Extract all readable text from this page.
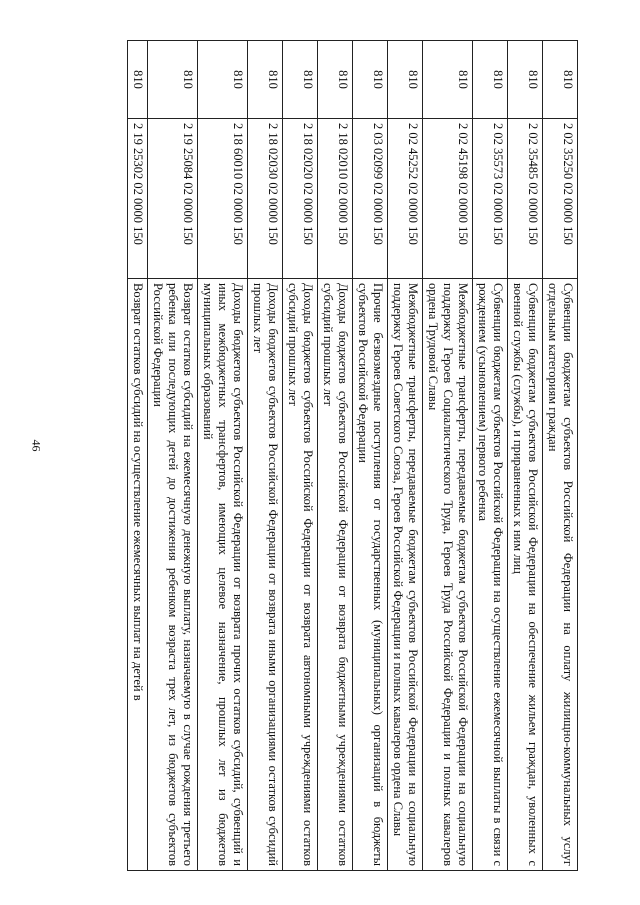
46
810	2 02 35250 02 0000 150	Субвенции бюджетам субъектов Российской Федерации на оплату жилищно-коммунальных услуг отдельным категориям граждан
810	2 02 35485 02 0000 150	Субвенции бюджетам субъектов Российской Федерации на обеспечение жильем граждан, уволенных с военной службы (службы), и приравненных к ним лиц
810	2 02 35573 02 0000 150	Субвенции бюджетам субъектов Российской Федерации на осуществление ежемесячной выплаты в связи с рождением (усыновлением) первого ребенка
810	2 02 45198 02 0000 150	Межбюджетные трансферты, передаваемые бюджетам субъектов Российской Федерации на социальную поддержку Героев Социалистического Труда, Героев Труда Российской Федерации и полных кавалеров ордена Трудовой Славы
810	2 02 45252 02 0000 150	Межбюджетные трансферты, передаваемые бюджетам субъектов Российской Федерации на социальную поддержку Героев Советского Союза, Героев Российской Федерации и полных кавалеров ордена Славы
810	2 03 02099 02 0000 150	Прочие безвозмездные поступления от государственных (муниципальных) организаций в бюджеты субъектов Российской Федерации
810	2 18 02010 02 0000 150	Доходы бюджетов субъектов Российской Федерации от возврата бюджетными учреждениями остатков субсидий прошлых лет
810	2 18 02020 02 0000 150	Доходы бюджетов субъектов Российской Федерации от возврата автономными учреждениями остатков субсидий прошлых лет
810	2 18 02030 02 0000 150	Доходы бюджетов субъектов Российской Федерации от возврата иными организациями остатков субсидий прошлых лет
810	2 18 60010 02 0000 150	Доходы бюджетов субъектов Российской Федерации от возврата прочих остатков субсидий, субвенций и иных межбюджетных трансфертов, имеющих целевое назначение, прошлых лет из бюджетов муниципальных образований
810	2 19 25084 02 0000 150	Возврат остатков субсидий на ежемесячную денежную выплату, назначаемую в случае рождения третьего ребенка или последующих детей до достижения ребенком возраста трех лет, из бюджетов субъектов Российской Федерации
810	2 19 25302 02 0000 150	Возврат остатков субсидий на осуществление ежемесячных выплат на детей в
